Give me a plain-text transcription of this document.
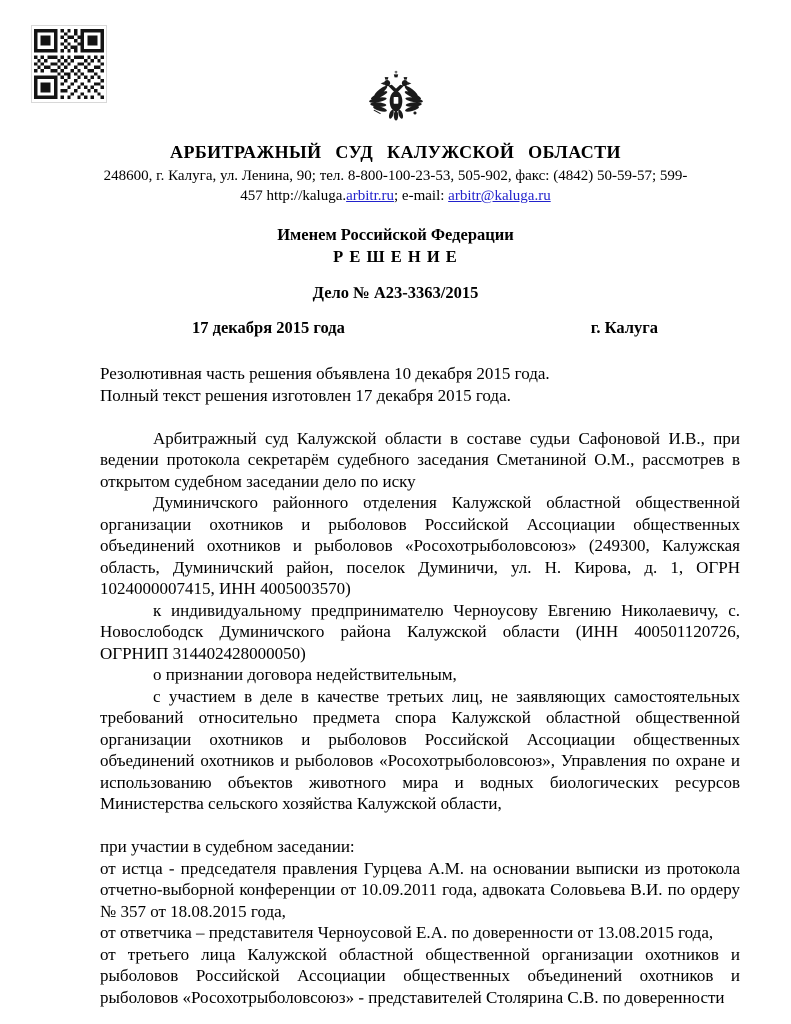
АРБИТРАЖНЫЙ СУД КАЛУЖСКОЙ ОБЛАСТИ
248600, г. Калуга, ул. Ленина, 90; тел. 8-800-100-23-53, 505-902, факс: (4842) 50-59-57; 599-
457 http://kaluga.arbitr.ru; e-mail: arbitr@kaluga.ru
Именем Российской Федерации
Р Е Ш Е Н И Е
Дело № А23-3363/2015
17 декабря 2015 года	г. Калуга

Резолютивная часть решения объявлена 10 декабря 2015 года.

Полный текст решения изготовлен 17 декабря 2015 года.

Арбитражный суд Калужской области в составе судьи Сафоновой И.В., при ведении протокола секретарём судебного заседания Сметаниной О.М., рассмотрев в открытом судебном заседании дело по иску

Думиничского районного отделения Калужской областной общественной организации охотников и рыболовов Российской Ассоциации общественных объединений охотников и рыболовов «Росохотрыболовсоюз» (249300, Калужская область, Думиничский район, поселок Думиничи, ул. Н. Кирова, д. 1, ОГРН 1024000007415, ИНН 4005003570)

к индивидуальному предпринимателю Черноусову Евгению Николаевичу, с. Новослободск Думиничского района Калужской области (ИНН 400501120726, ОГРНИП 314402428000050)

о признании договора недействительным,

с участием в деле в качестве третьих лиц, не заявляющих самостоятельных требований относительно предмета спора Калужской областной общественной организации охотников и рыболовов Российской Ассоциации общественных объединений охотников и рыболовов «Росохотрыболовсоюз», Управления по охране и использованию объектов животного мира и водных биологических ресурсов Министерства сельского хозяйства Калужской области,

при участии в судебном заседании:

от истца - председателя правления Гурцева А.М. на основании выписки из протокола отчетно-выборной конференции от 10.09.2011 года, адвоката Соловьева В.И. по ордеру № 357 от 18.08.2015 года,

от ответчика – представителя Черноусовой Е.А. по доверенности от 13.08.2015 года,

от третьего лица Калужской областной общественной организации охотников и рыболовов Российской Ассоциации общественных объединений охотников и рыболовов «Росохотрыболовсоюз» - представителей Столярина С.В. по доверенности
